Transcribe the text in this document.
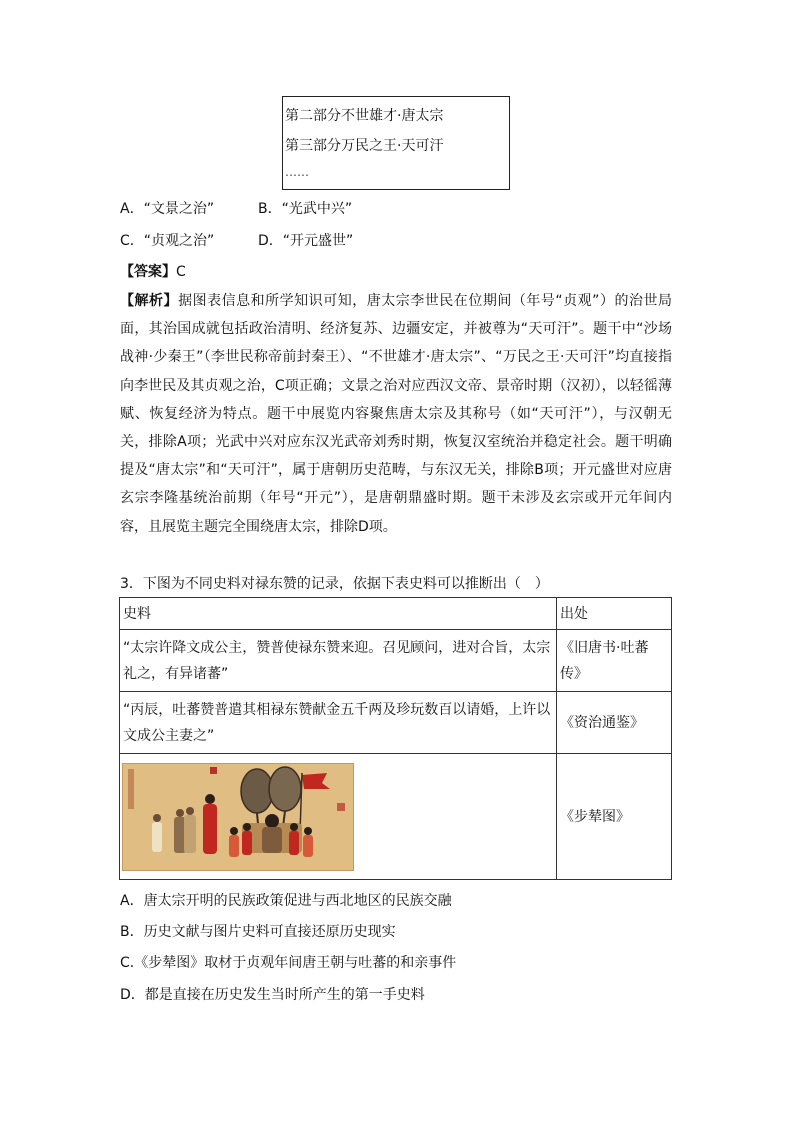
第二部分不世雄才·唐太宗
第三部分万民之王·天可汗
……
A．“文景之治”	B．“光武中兴”
C．“贞观之治”	D．“开元盛世”
【答案】C

【解析】据图表信息和所学知识可知，唐太宗李世民在位期间（年号“贞观”）的治世局面，其治国成就包括政治清明、经济复苏、边疆安定，并被尊为“天可汗”。题干中“沙场战神·少秦王”（李世民称帝前封秦王）、“不世雄才·唐太宗”、“万民之王·天可汗”均直接指向李世民及其贞观之治，C项正确；文景之治对应西汉文帝、景帝时期（汉初），以轻徭薄赋、恢复经济为特点。题干中展览内容聚焦唐太宗及其称号（如“天可汗”），与汉朝无关，排除A项；光武中兴对应东汉光武帝刘秀时期，恢复汉室统治并稳定社会。题干明确提及“唐太宗”和“天可汗”，属于唐朝历史范畴，与东汉无关，排除B项；开元盛世对应唐玄宗李隆基统治前期（年号“开元”），是唐朝鼎盛时期。题干未涉及玄宗或开元年间内容，且展览主题完全围绕唐太宗，排除D项。

3．下图为不同史料对禄东赞的记录，依据下表史料可以推断出（　）
史料	出处
“太宗许降文成公主，赞普使禄东赞来迎。召见顾问，进对合旨，太宗礼之，有异诸蕃”	《旧唐书·吐蕃传》
“丙辰，吐蕃赞普遣其相禄东赞献金五千两及珍玩数百以请婚，上许以文成公主妻之”	《资治通鉴》

	《步辇图》
A．唐太宗开明的民族政策促进与西北地区的民族交融
B．历史文献与图片史料可直接还原历史现实
C.《步辇图》取材于贞观年间唐王朝与吐蕃的和亲事件
D．都是直接在历史发生当时所产生的第一手史料
